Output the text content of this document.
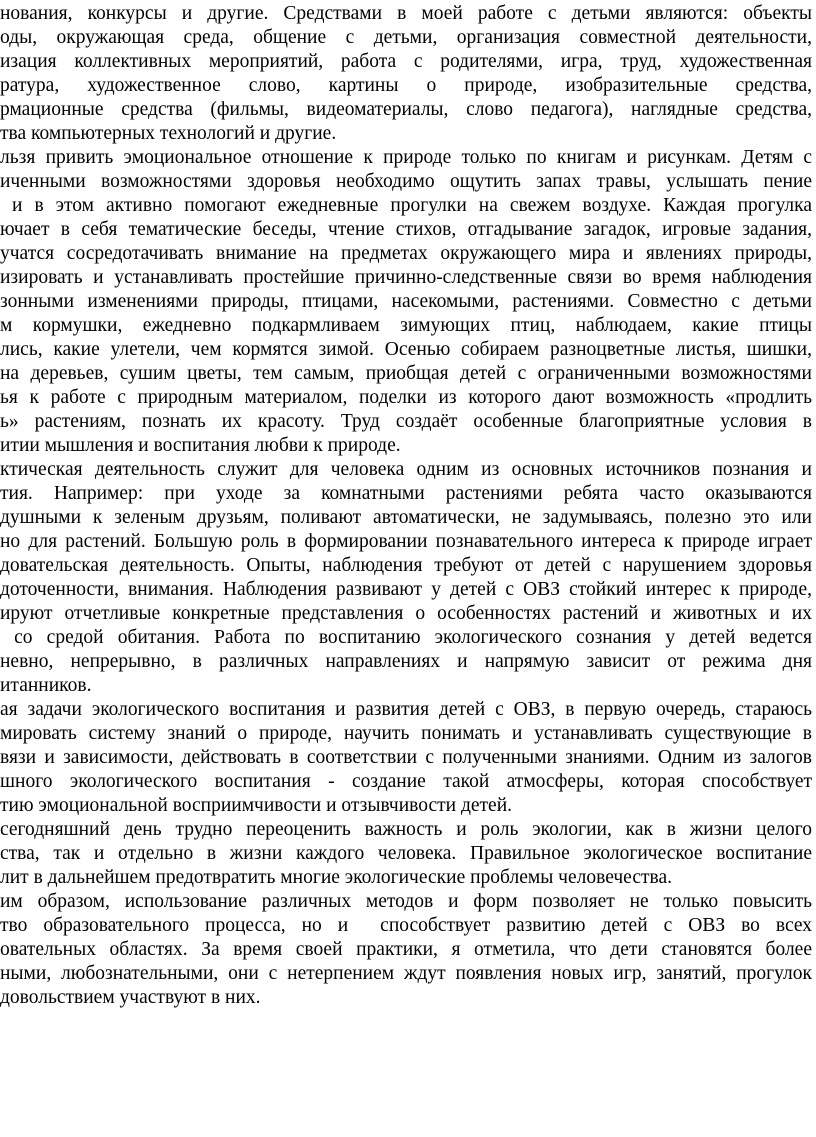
нования, конкурсы и другие. Средствами в моей работе с детьми являются: объекты
оды, окружающая среда, общение с детьми, организация совместной деятельности,
изация коллективных мероприятий, работа с родителями, игра, труд, художественная
ратура, художественное слово, картины о природе, изобразительные средства,
рмационные средства (фильмы, видеоматериалы, слово педагога), наглядные средства,
тва компьютерных технологий и другие.
льзя привить эмоциональное отношение к природе только по книгам и рисункам. Детям с
иченными возможностями здоровья необходимо ощутить запах травы, услышать пение
и в этом активно помогают ежедневные прогулки на свежем воздухе. Каждая прогулка
ючает в себя тематические беседы, чтение стихов, отгадывание загадок, игровые задания,
учатся сосредотачивать внимание на предметах окружающего мира и явлениях природы,
изировать и устанавливать простейшие причинно-следственные связи во время наблюдения
зонными изменениями природы, птицами, насекомыми, растениями. Совместно с детьми
м кормушки, ежедневно подкармливаем зимующих птиц, наблюдаем, какие птицы
лись, какие улетели, чем кормятся зимой. Осенью собираем разноцветные листья, шишки,
на деревьев, сушим цветы, тем самым, приобщая детей с ограниченными возможностями
ья к работе с природным материалом, поделки из которого дают возможность «продлить
ь» растениям, познать их красоту. Труд создаёт особенные благоприятные условия в
итии мышления и воспитания любви к природе.
ктическая деятельность служит для человека одним из основных источников познания и
тия. Например: при уходе за комнатными растениями ребята часто оказываются
душными к зеленым друзьям, поливают автоматически, не задумываясь, полезно это или
но для растений. Большую роль в формировании познавательного интереса к природе играет
довательская деятельность. Опыты, наблюдения требуют от детей с нарушением здоровья
доточенности, внимания. Наблюдения развивают у детей с ОВЗ стойкий интерес к природе,
ируют отчетливые конкретные представления о особенностях растений и животных и их
со средой обитания. Работа по воспитанию экологического сознания у детей ведется
невно, непрерывно, в различных направлениях и напрямую зависит от режима дня
итанников.
ая задачи экологического воспитания и развития детей с ОВЗ, в первую очередь, стараюсь
мировать систему знаний о природе, научить понимать и устанавливать существующие в
вязи и зависимости, действовать в соответствии с полученными знаниями. Одним из залогов
шного экологического воспитания - создание такой атмосферы, которая способствует
тию эмоциональной восприимчивости и отзывчивости детей.
сегодняшний день трудно переоценить важность и роль экологии, как в жизни целого
ства, так и отдельно в жизни каждого человека. Правильное экологическое воспитание
лит в дальнейшем предотвратить многие экологические проблемы человечества.
им образом, использование различных методов и форм позволяет не только повысить
тво образовательного процесса, но и  способствует развитию детей с ОВЗ во всех
овательных областях. За время своей практики, я отметила, что дети становятся более
ными, любознательными, они с нетерпением ждут появления новых игр, занятий, прогулок
довольствием участвуют в них.
